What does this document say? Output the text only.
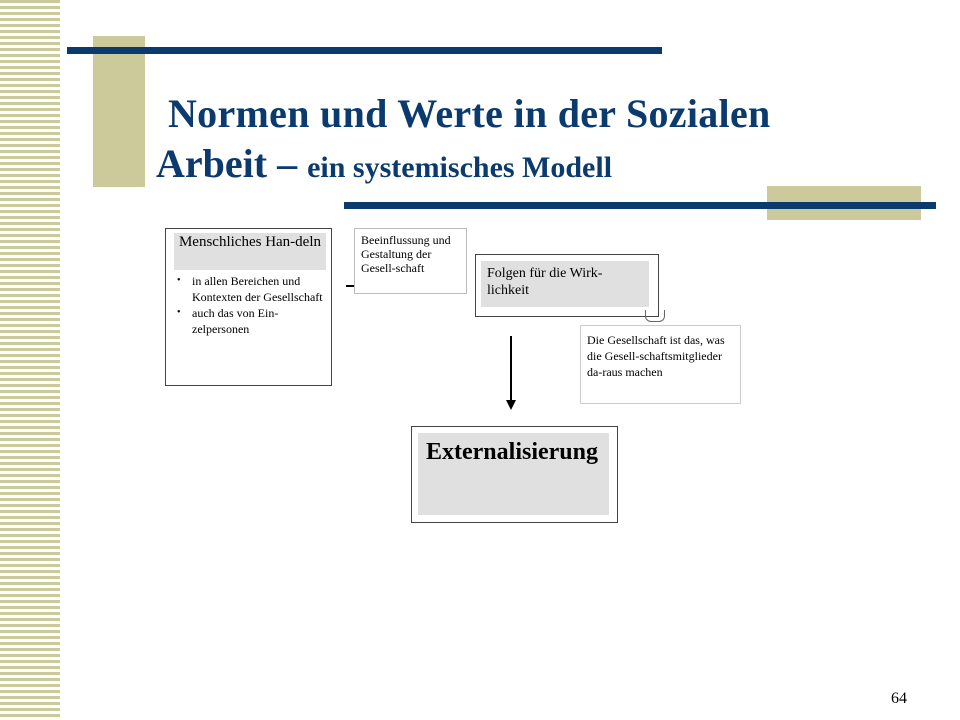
Normen und Werte in der Sozialen
Arbeit – ein systemisches Modell
Menschliches Han-deln
• in allen Bereichen und Kontexten der Gesellschaft
• auch das von Ein-zelpersonen
Beeinflussung und Gestaltung der Gesell-schaft	Folgen für die Wirk-lichkeit
Die Gesellschaft ist das, was die Gesell-schaftsmitglieder da-raus machen
Externalisierung
64
